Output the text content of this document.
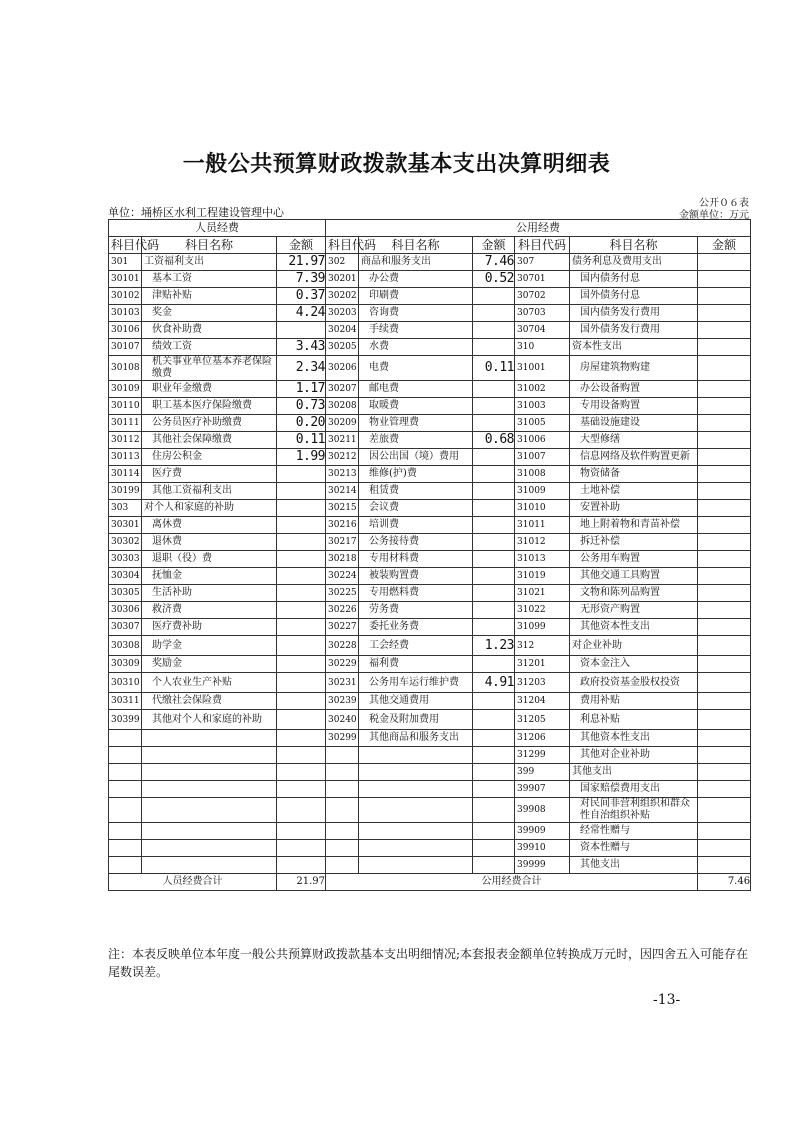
一般公共预算财政拨款基本支出决算明细表
公开０６表
单位：埇桥区水利工程建设管理中心	金额单位：万元
人员经费			公用经费					
科目代码	科目名称	金额	科目代码	科目名称	金额	科目代码	科目名称	金额
301	工资福利支出	21.97	302	商品和服务支出	7.46	307	债务利息及费用支出	
30101	基本工资	7.39	30201	办公费	0.52	30701	国内债务付息	
30102	津贴补贴	0.37	30202	印刷费		30702	国外债务付息	
30103	奖金	4.24	30203	咨询费		30703	国内债务发行费用	
30106	伙食补助费		30204	手续费		30704	国外债务发行费用	
30107	绩效工资	3.43	30205	水费		310	资本性支出	
30108	机关事业单位基本养老保险缴费	2.34	30206	电费	0.11	31001	房屋建筑物购建	
30109	职业年金缴费	1.17	30207	邮电费		31002	办公设备购置	
30110	职工基本医疗保险缴费	0.73	30208	取暖费		31003	专用设备购置	
30111	公务员医疗补助缴费	0.20	30209	物业管理费		31005	基础设施建设	
30112	其他社会保障缴费	0.11	30211	差旅费	0.68	31006	大型修缮	
30113	住房公积金	1.99	30212	因公出国（境）费用		31007	信息网络及软件购置更新	
30114	医疗费		30213	维修(护)费		31008	物资储备	
30199	其他工资福利支出		30214	租赁费		31009	土地补偿	
303	对个人和家庭的补助		30215	会议费		31010	安置补助	
30301	离休费		30216	培训费		31011	地上附着物和青苗补偿	
30302	退休费		30217	公务接待费		31012	拆迁补偿	
30303	退职（役）费		30218	专用材料费		31013	公务用车购置	
30304	抚恤金		30224	被装购置费		31019	其他交通工具购置	
30305	生活补助		30225	专用燃料费		31021	文物和陈列品购置	
30306	救济费		30226	劳务费		31022	无形资产购置	
30307	医疗费补助		30227	委托业务费		31099	其他资本性支出	
30308	助学金		30228	工会经费	1.23	312	对企业补助	
30309	奖励金		30229	福利费		31201	资本金注入	
30310	个人农业生产补贴		30231	公务用车运行维护费	4.91	31203	政府投资基金股权投资	
30311	代缴社会保险费		30239	其他交通费用		31204	费用补贴	
30399	其他对个人和家庭的补助		30240	税金及附加费用		31205	利息补贴	
			30299	其他商品和服务支出		31206	其他资本性支出	
						31299	其他对企业补助	
						399	其他支出	
						39907	国家赔偿费用支出	
						39908	对民间非营利组织和群众性自治组织补贴	
						39909	经常性赠与	
						39910	资本性赠与	
						39999	其他支出	
人员经费合计		21.97	公用经费合计					7.46
注：本表反映单位本年度一般公共预算财政拨款基本支出明细情况;本套报表金额单位转换成万元时，因四舍五入可能存在尾数误差。
-13-
